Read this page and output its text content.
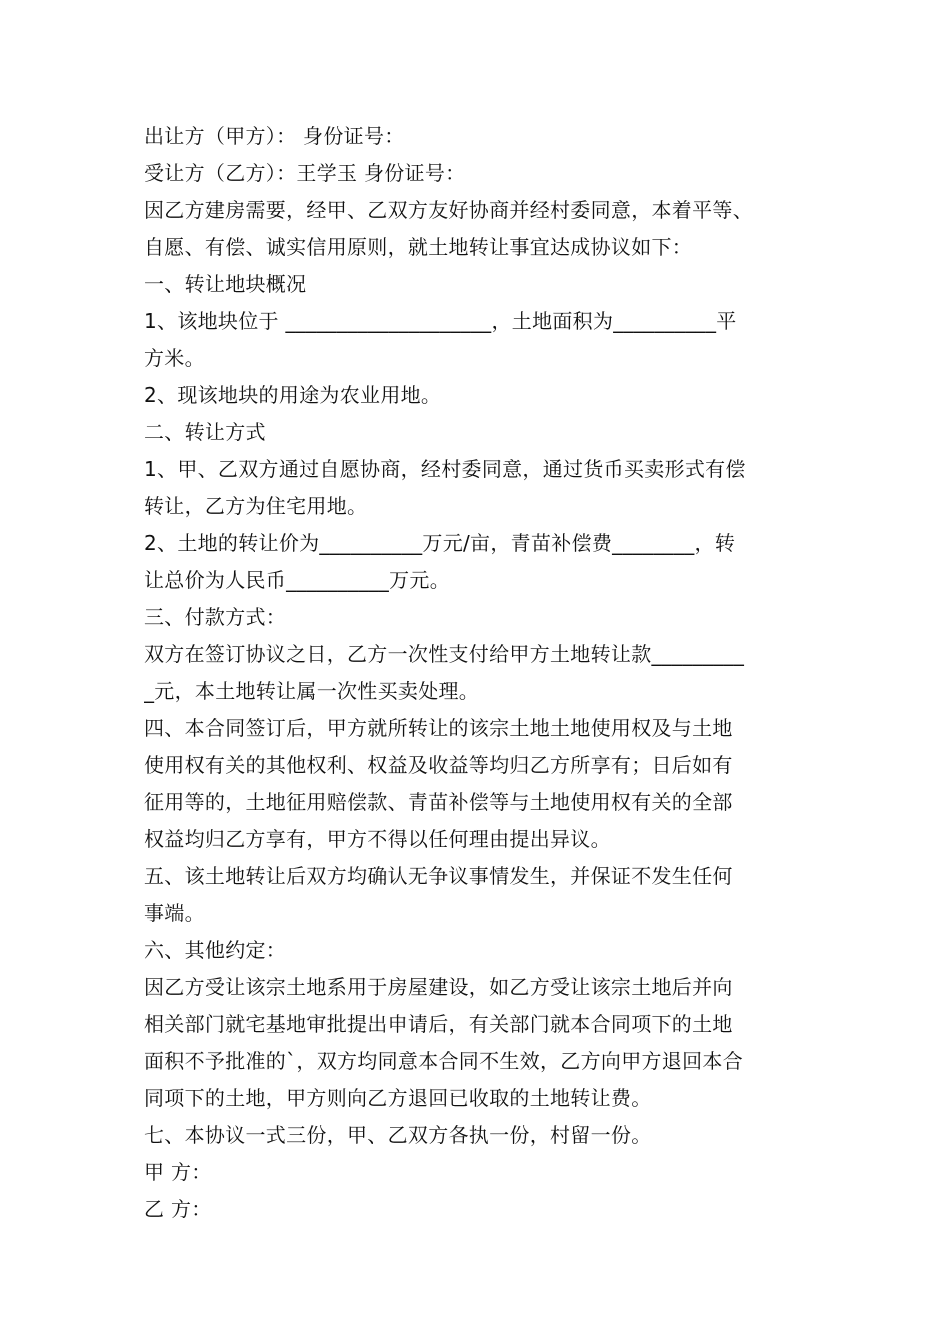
出让方（甲方）： 身份证号：
受让方（乙方）：王学玉 身份证号：
因乙方建房需要，经甲、乙双方友好协商并经村委同意，本着平等、
自愿、有偿、诚实信用原则，就土地转让事宜达成协议如下：
一、转让地块概况
1、该地块位于 ____________________，土地面积为__________平
方米。
2、现该地块的用途为农业用地。
二、转让方式
1、甲、乙双方通过自愿协商，经村委同意，通过货币买卖形式有偿
转让，乙方为住宅用地。
2、土地的转让价为__________万元/亩，青苗补偿费________，转
让总价为人民币__________万元。
三、付款方式：
双方在签订协议之日，乙方一次性支付给甲方土地转让款_________
_元，本土地转让属一次性买卖处理。
四、本合同签订后，甲方就所转让的该宗土地土地使用权及与土地
使用权有关的其他权利、权益及收益等均归乙方所享有；日后如有
征用等的，土地征用赔偿款、青苗补偿等与土地使用权有关的全部
权益均归乙方享有，甲方不得以任何理由提出异议。
五、该土地转让后双方均确认无争议事情发生，并保证不发生任何
事端。
六、其他约定：
因乙方受让该宗土地系用于房屋建设，如乙方受让该宗土地后并向
相关部门就宅基地审批提出申请后，有关部门就本合同项下的土地
面积不予批准的`，双方均同意本合同不生效，乙方向甲方退回本合
同项下的土地，甲方则向乙方退回已收取的土地转让费。
七、本协议一式三份，甲、乙双方各执一份，村留一份。
甲 方：
乙 方：
